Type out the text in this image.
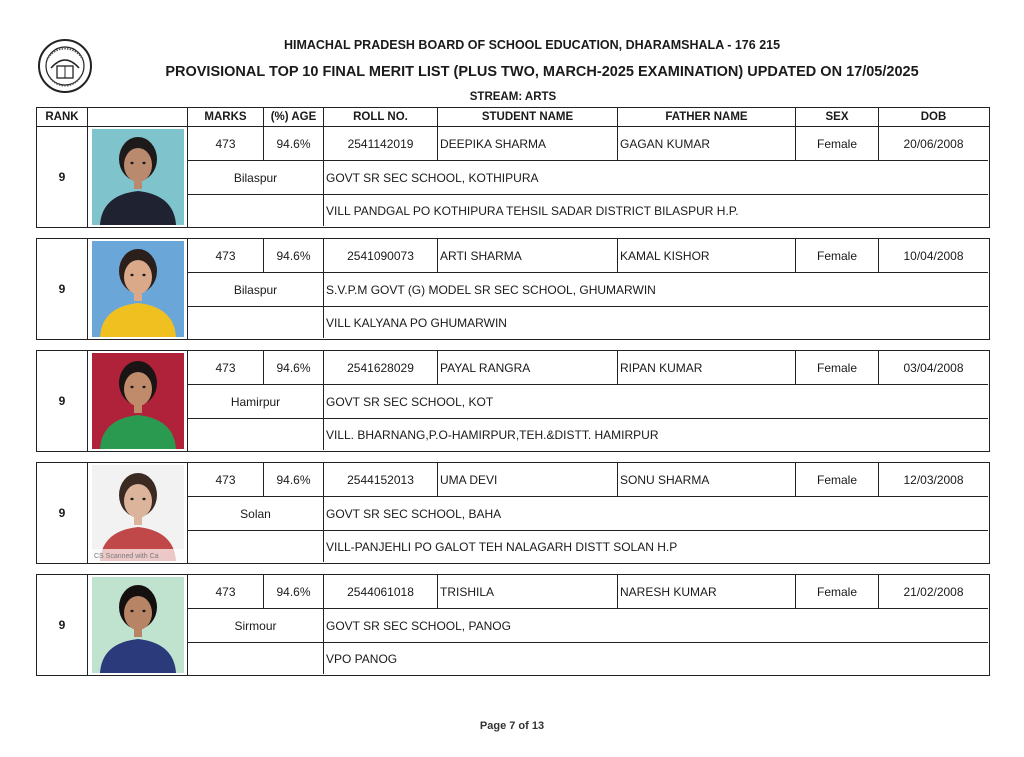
HIMACHAL PRADESH BOARD OF SCHOOL EDUCATION, DHARAMSHALA - 176 215
PROVISIONAL TOP 10 FINAL MERIT LIST (PLUS TWO, MARCH-2025 EXAMINATION) UPDATED ON 17/05/2025
STREAM: ARTS
RANK	MARKS	(%) AGE	ROLL NO.	STUDENT NAME	FATHER NAME	SEX	DOB
9
473	94.6%	2541142019	DEEPIKA SHARMA	GAGAN KUMAR	Female	20/06/2008
Bilaspur	GOVT SR SEC SCHOOL, KOTHIPURA
VILL PANDGAL PO KOTHIPURA TEHSIL SADAR DISTRICT BILASPUR H.P.
9
473	94.6%	2541090073	ARTI SHARMA	KAMAL KISHOR	Female	10/04/2008
Bilaspur	S.V.P.M GOVT (G) MODEL SR SEC SCHOOL, GHUMARWIN
VILL KALYANA PO GHUMARWIN
9
473	94.6%	2541628029	PAYAL RANGRA	RIPAN KUMAR	Female	03/04/2008
Hamirpur	GOVT SR SEC SCHOOL, KOT
VILL. BHARNANG,P.O-HAMIRPUR,TEH.&DISTT. HAMIRPUR
9
CS Scanned with Ca
473	94.6%	2544152013	UMA DEVI	SONU SHARMA	Female	12/03/2008
Solan	GOVT SR SEC SCHOOL, BAHA
VILL-PANJEHLI PO GALOT TEH NALAGARH DISTT SOLAN H.P
9
473	94.6%	2544061018	TRISHILA	NARESH KUMAR	Female	21/02/2008
Sirmour	GOVT SR SEC SCHOOL, PANOG
VPO PANOG
Page 7 of 13
